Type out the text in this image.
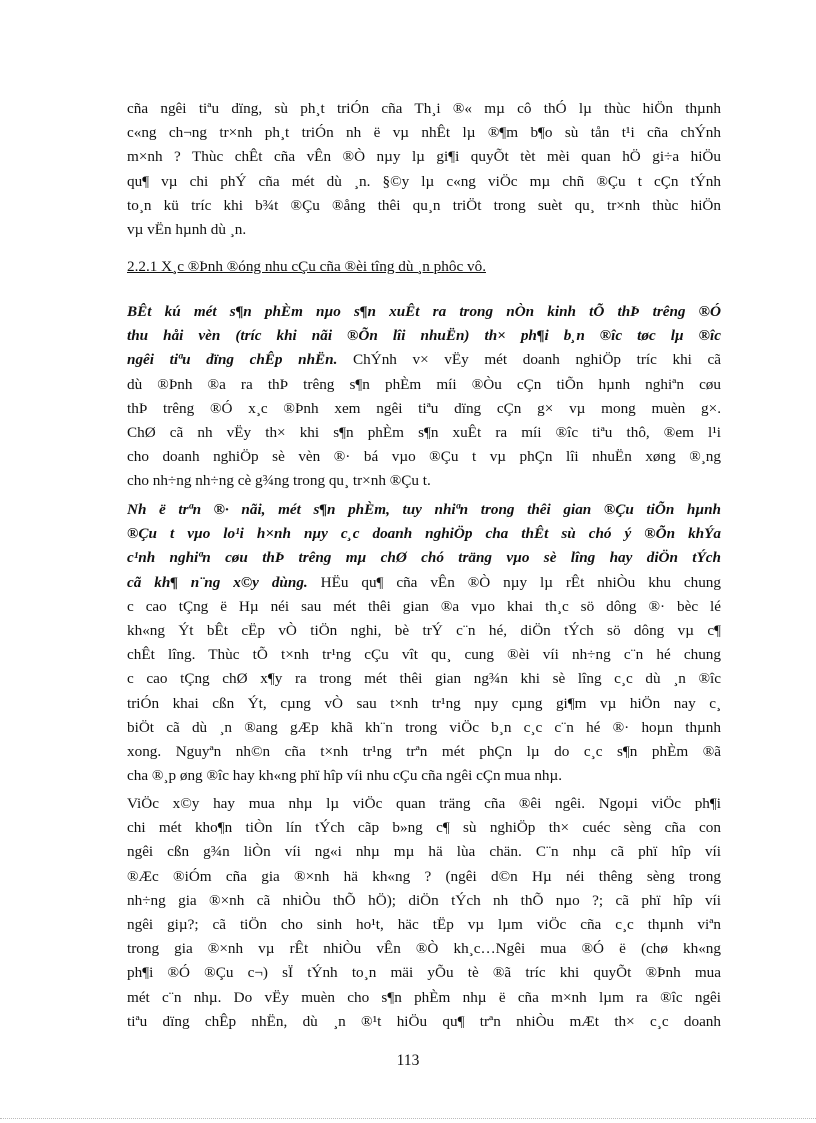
cña ngêi tiªu dïng, sù ph¸t triÓn cña Th¸i ®« mµ cô thÓ lµ thùc hiÖn thµnh
c«ng ch¬ng tr×nh ph¸t triÓn nh ë vµ nhÊt lµ ®¶m b¶o sù tån t¹i cña chÝnh
m×nh ? Thùc chÊt cña vÊn ®Ò nµy lµ gi¶i quyÕt tèt mèi quan hÖ gi÷a hiÖu
qu¶ vµ chi phÝ cña mét dù ¸n. §©y lµ c«ng viÖc mµ chñ ®Çu t cÇn tÝnh
to¸n kü tríc khi b¾t ®Çu ®ång thêi qu¸n triÖt trong suèt qu¸ tr×nh thùc hiÖn
vµ vËn hµnh dù ¸n.

2.2.1 X¸c ®Þnh ®óng nhu cÇu cña ®èi tîng dù ¸n phôc vô.

BÊt kú mét s¶n phÈm nµo s¶n xuÊt ra trong nÒn kinh tÕ thÞ trêng ®Ó
thu håi vèn (tríc khi nãi ®Õn lîi nhuËn) th× ph¶i b¸n ®îc tøc lµ ®îc
ngêi tiªu dïng chÊp nhËn. ChÝnh v× vËy mét doanh nghiÖp tríc khi cã
dù ®Þnh ®a ra thÞ trêng s¶n phÈm míi ®Òu cÇn tiÕn hµnh nghiªn cøu
thÞ trêng ®Ó x¸c ®Þnh xem ngêi tiªu dïng cÇn g× vµ mong muèn g×.
ChØ cã nh vËy th× khi s¶n phÈm s¶n xuÊt ra míi ®îc tiªu thô, ®em l¹i
cho doanh nghiÖp sè vèn ®· bá vµo ®Çu t vµ phÇn lîi nhuËn xøng ®¸ng
cho nh÷ng nh÷ng cè g¾ng trong qu¸ tr×nh ®Çu t.
Nh ë trªn ®· nãi, mét s¶n phÈm, tuy nhiªn trong thêi gian ®Çu tiÕn hµnh
®Çu t vµo lo¹i h×nh nµy c¸c doanh nghiÖp cha thÊt sù chó ý ®Õn khÝa
c¹nh nghiªn cøu thÞ trêng mµ chØ chó träng vµo sè lîng hay diÖn tÝch
cã kh¶ n¨ng x©y dùng. HËu qu¶ cña vÊn ®Ò nµy lµ rÊt nhiÒu khu chung
c cao tÇng ë Hµ néi sau mét thêi gian ®a vµo khai th¸c sö dông ®· bèc lé
kh«ng Ýt bÊt cËp vÒ tiÖn nghi, bè trÝ c¨n hé, diÖn tÝch sö dông vµ c¶
chÊt lîng. Thùc tÕ t×nh tr¹ng cÇu vît qu¸ cung ®èi víi nh÷ng c¨n hé chung
c cao tÇng chØ x¶y ra trong mét thêi gian ng¾n khi sè lîng c¸c dù ¸n ®îc
triÓn khai cßn Ýt, cµng vÒ sau t×nh tr¹ng nµy cµng gi¶m vµ hiÖn nay c¸
biÖt cã dù ¸n ®ang gÆp khã kh¨n trong viÖc b¸n c¸c c¨n hé ®· hoµn thµnh
xong. Nguyªn nh©n cña t×nh tr¹ng trªn mét phÇn lµ do c¸c s¶n phÈm ®ã
cha ®¸p øng ®îc hay kh«ng phï hîp víi nhu cÇu cña ngêi cÇn mua nhµ.
ViÖc x©y hay mua nhµ lµ viÖc quan träng cña ®êi ngêi. Ngoµi viÖc ph¶i
chi mét kho¶n tiÒn lín tÝch cãp b»ng c¶ sù nghiÖp th× cuéc sèng cña con
ngêi cßn g¾n liÒn víi ng«i nhµ mµ hä lùa chän. C¨n nhµ cã phï hîp víi
®Æc ®iÓm cña gia ®×nh hä kh«ng ? (ngêi d©n Hµ néi thêng sèng trong
nh÷ng gia ®×nh cã nhiÒu thÕ hÖ); diÖn tÝch nh thÕ nµo ?; cã phï hîp víi
ngêi giµ?; cã tiÖn cho sinh ho¹t, häc tËp vµ lµm viÖc cña c¸c thµnh viªn
trong gia ®×nh vµ rÊt nhiÒu vÊn ®Ò kh¸c…Ngêi mua ®Ó ë (chø kh«ng
ph¶i ®Ó ®Çu c¬) sÏ tÝnh to¸n mäi yÕu tè ®ã tríc khi quyÕt ®Þnh mua
mét c¨n nhµ. Do vËy muèn cho s¶n phÈm nhµ ë cña m×nh lµm ra ®îc ngêi
tiªu dïng chÊp nhËn, dù ¸n ®¹t hiÖu qu¶ trªn nhiÒu mÆt th× c¸c doanh

113
